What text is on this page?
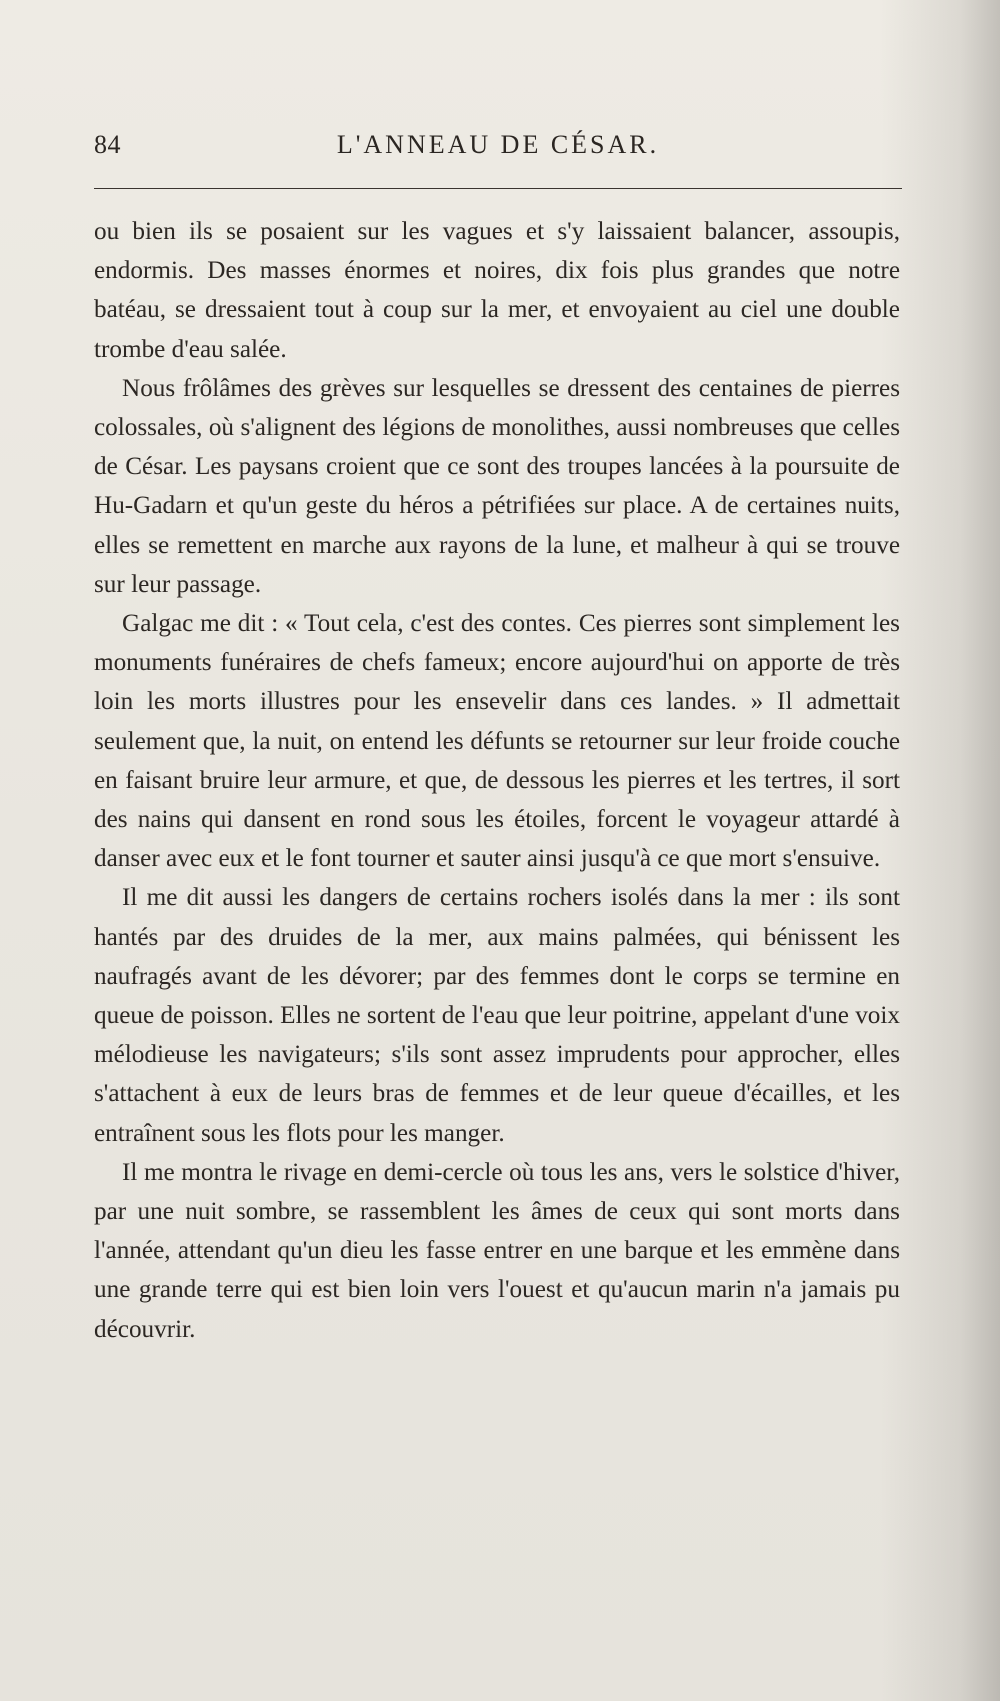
84	L'ANNEAU DE CÉSAR.

ou bien ils se posaient sur les vagues et s'y laissaient balancer, assoupis, endormis. Des masses énormes et noires, dix fois plus grandes que notre batéau, se dressaient tout à coup sur la mer, et envoyaient au ciel une double trombe d'eau salée.

Nous frôlâmes des grèves sur lesquelles se dressent des centaines de pierres colossales, où s'alignent des légions de monolithes, aussi nombreuses que celles de César. Les paysans croient que ce sont des troupes lancées à la poursuite de Hu-Gadarn et qu'un geste du héros a pétrifiées sur place. A de certaines nuits, elles se remettent en marche aux rayons de la lune, et malheur à qui se trouve sur leur passage.

Galgac me dit : « Tout cela, c'est des contes. Ces pierres sont simplement les monuments funéraires de chefs fameux; encore aujourd'hui on apporte de très loin les morts illustres pour les ensevelir dans ces landes. » Il admettait seulement que, la nuit, on entend les défunts se retourner sur leur froide couche en faisant bruire leur armure, et que, de dessous les pierres et les tertres, il sort des nains qui dansent en rond sous les étoiles, forcent le voyageur attardé à danser avec eux et le font tourner et sauter ainsi jusqu'à ce que mort s'ensuive.

Il me dit aussi les dangers de certains rochers isolés dans la mer : ils sont hantés par des druides de la mer, aux mains palmées, qui bénissent les naufragés avant de les dévorer; par des femmes dont le corps se termine en queue de poisson. Elles ne sortent de l'eau que leur poitrine, appelant d'une voix mélodieuse les navigateurs; s'ils sont assez imprudents pour approcher, elles s'attachent à eux de leurs bras de femmes et de leur queue d'écailles, et les entraînent sous les flots pour les manger.

Il me montra le rivage en demi-cercle où tous les ans, vers le solstice d'hiver, par une nuit sombre, se rassemblent les âmes de ceux qui sont morts dans l'année, attendant qu'un dieu les fasse entrer en une barque et les emmène dans une grande terre qui est bien loin vers l'ouest et qu'aucun marin n'a jamais pu découvrir.
